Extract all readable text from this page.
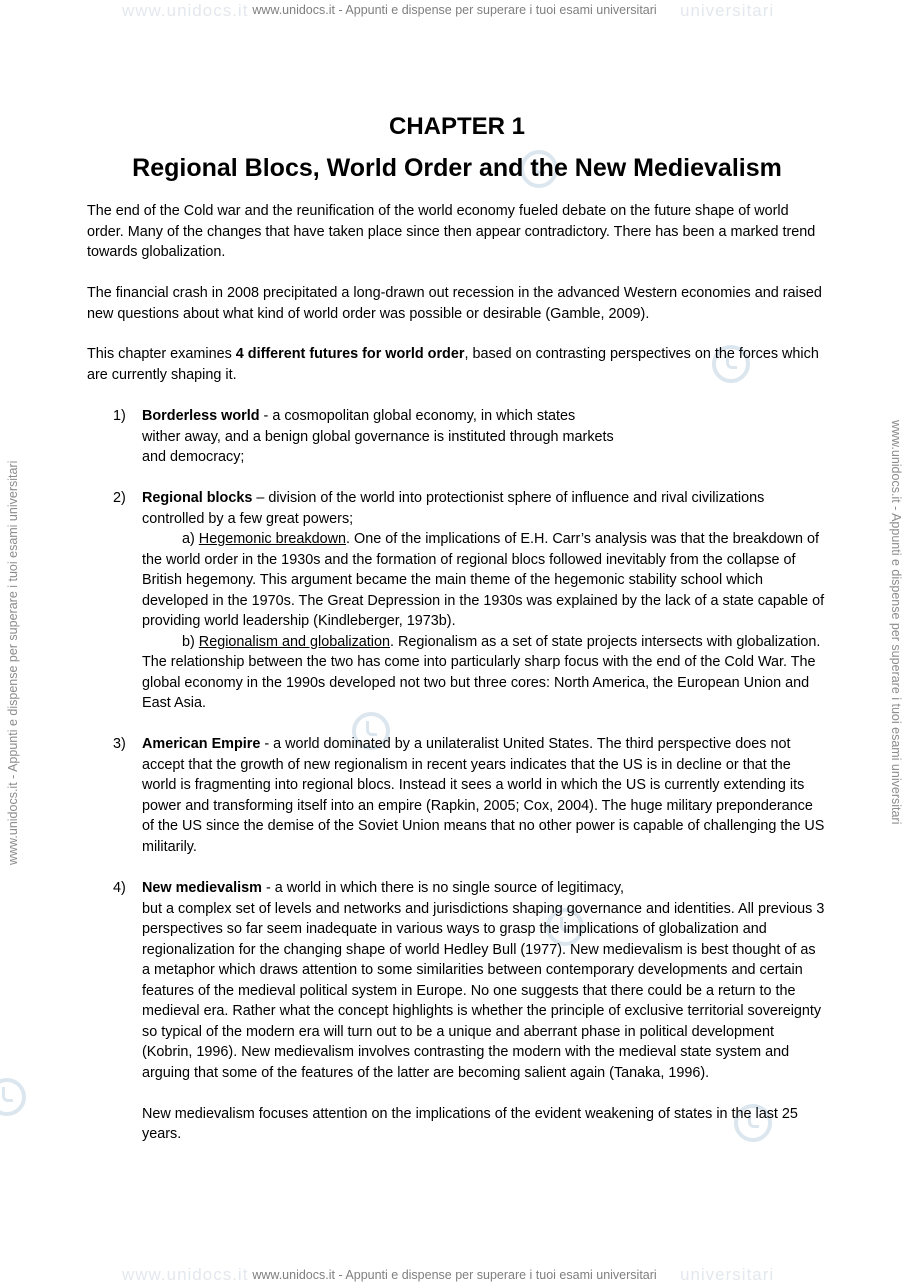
www.unidocs.it	universitari
www.unidocs.it - Appunti e dispense per superare i tuoi esami universitari
www.unidocs.it	universitari
www.unidocs.it - Appunti e dispense per superare i tuoi esami universitari
www.unidocs.it - Appunti e dispense per superare i tuoi esami universitari	www.unidocs.it - Appunti e dispense per superare i tuoi esami universitari
CHAPTER 1
Regional Blocs, World Order and the New Medievalism

The end of the Cold war and the reunification of the world economy fueled debate on the future shape of world order. Many of the changes that have taken place since then appear contradictory. There has been a marked trend towards globalization.

The financial crash in 2008 precipitated a long-drawn out recession in the advanced Western economies and raised new questions about what kind of world order was possible or desirable (Gamble, 2009).

This chapter examines 4 different futures for world order, based on contrasting perspectives on the forces which are currently shaping it.

1) Borderless world - a cosmopolitan global economy, in which states
wither away, and a benign global governance is instituted through markets
and democracy;
2) Regional blocks – division of the world into protectionist sphere of influence and rival civilizations controlled by a few great powers;
a) Hegemonic breakdown. One of the implications of E.H. Carr’s analysis was that the breakdown of the world order in the 1930s and the formation of regional blocs followed inevitably from the collapse of British hegemony. This argument became the main theme of the hegemonic stability school which developed in the 1970s. The Great Depression in the 1930s was explained by the lack of a state capable of providing world leadership (Kindleberger, 1973b).
b) Regionalism and globalization. Regionalism as a set of state projects intersects with globalization. The relationship between the two has come into particularly sharp focus with the end of the Cold War. The global economy in the 1990s developed not two but three cores: North America, the European Union and East Asia.
3) American Empire - a world dominated by a unilateralist United States. The third perspective does not accept that the growth of new regionalism in recent years indicates that the US is in decline or that the world is fragmenting into regional blocs. Instead it sees a world in which the US is currently extending its power and transforming itself into an empire (Rapkin, 2005; Cox, 2004). The huge military preponderance of the US since the demise of the Soviet Union means that no other power is capable of challenging the US militarily.
4) New medievalism - a world in which there is no single source of legitimacy,
but a complex set of levels and networks and jurisdictions shaping governance and identities. All previous 3 perspectives so far seem inadequate in various ways to grasp the implications of globalization and regionalization for the changing shape of world Hedley Bull (1977). New medievalism is best thought of as a metaphor which draws attention to some similarities between contemporary developments and certain features of the medieval political system in Europe. No one suggests that there could be a return to the medieval era. Rather what the concept highlights is whether the principle of exclusive territorial sovereignty so typical of the modern era will turn out to be a unique and aberrant phase in political development (Kobrin, 1996). New medievalism involves contrasting the modern with the medieval state system and arguing that some of the features of the latter are becoming salient again (Tanaka, 1996).
New medievalism focuses attention on the implications of the evident weakening of states in the last 25 years.
